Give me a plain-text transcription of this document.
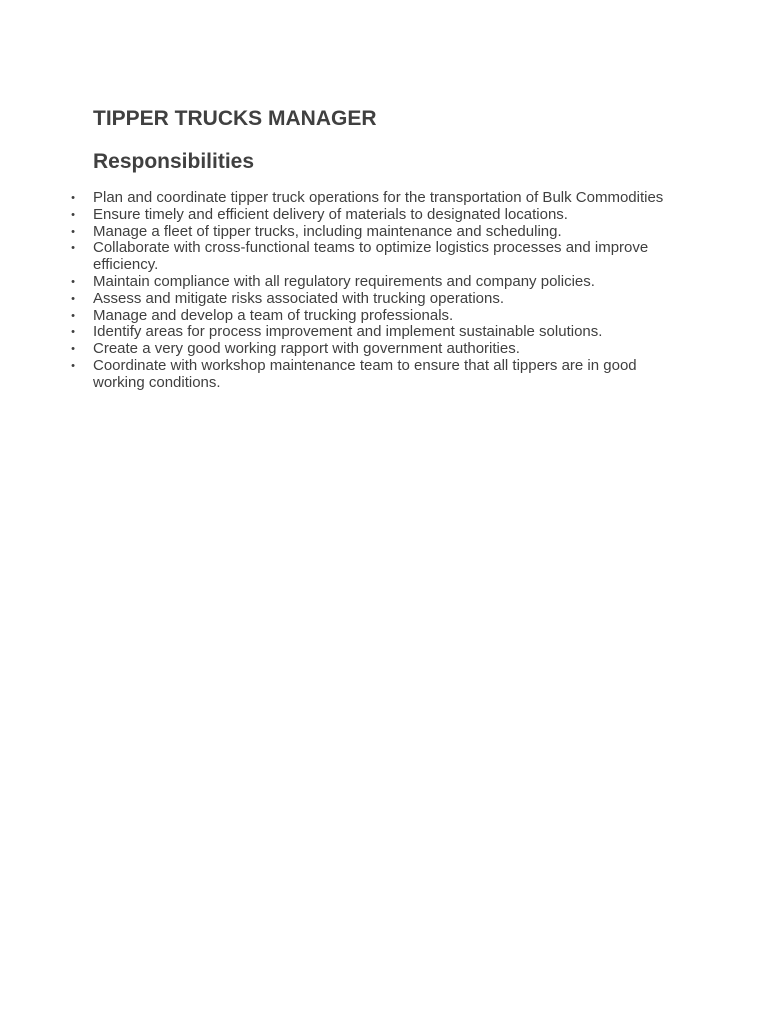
TIPPER TRUCKS MANAGER
Responsibilities
• Plan and coordinate tipper truck operations for the transportation of Bulk Commodities
• Ensure timely and efficient delivery of materials to designated locations.
• Manage a fleet of tipper trucks, including maintenance and scheduling.
• Collaborate with cross-functional teams to optimize logistics processes and improve efficiency.
• Maintain compliance with all regulatory requirements and company policies.
• Assess and mitigate risks associated with trucking operations.
• Manage and develop a team of trucking professionals.
• Identify areas for process improvement and implement sustainable solutions.
• Create a very good working rapport with government authorities.
• Coordinate with workshop maintenance team to ensure that all tippers are in good working conditions.
